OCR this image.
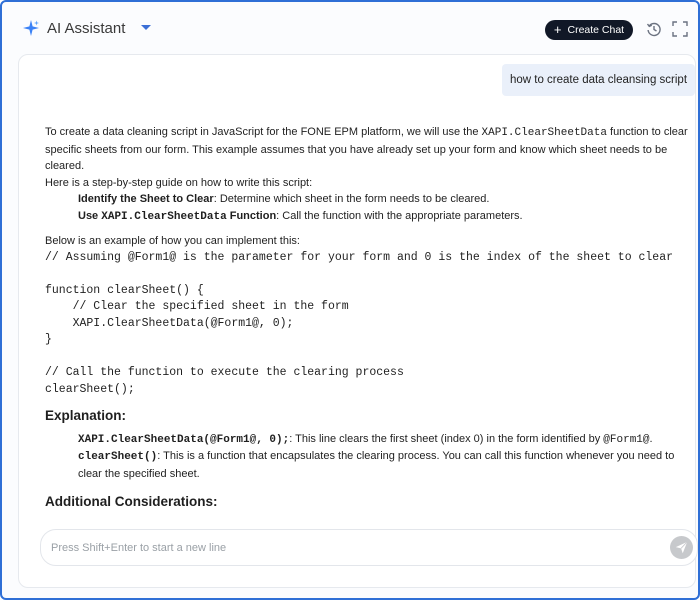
AI Assistant	+ Create Chat
how to create data cleansing script

To create a data cleaning script in JavaScript for the FONE EPM platform, we will use the XAPI.ClearSheetData function to clear specific sheets from our form. This example assumes that you have already set up your form and know which sheet needs to be cleared.

Here is a step-by-step guide on how to write this script:

Identify the Sheet to Clear: Determine which sheet in the form needs to be cleared.

Use XAPI.ClearSheetData Function: Call the function with the appropriate parameters.

Below is an example of how you can implement this:

// Assuming @Form1@ is the parameter for your form and 0 is the index of the sheet to clear

function clearSheet() {
// Clear the specified sheet in the form
XAPI.ClearSheetData(@Form1@, 0);
}

// Call the function to execute the clearing process
clearSheet();
Explanation:

XAPI.ClearSheetData(@Form1@, 0);: This line clears the first sheet (index 0) in the form identified by @Form1@.

clearSheet(): This is a function that encapsulates the clearing process. You can call this function whenever you need to clear the specified sheet.

Additional Considerations:
Press Shift+Enter to start a new line
